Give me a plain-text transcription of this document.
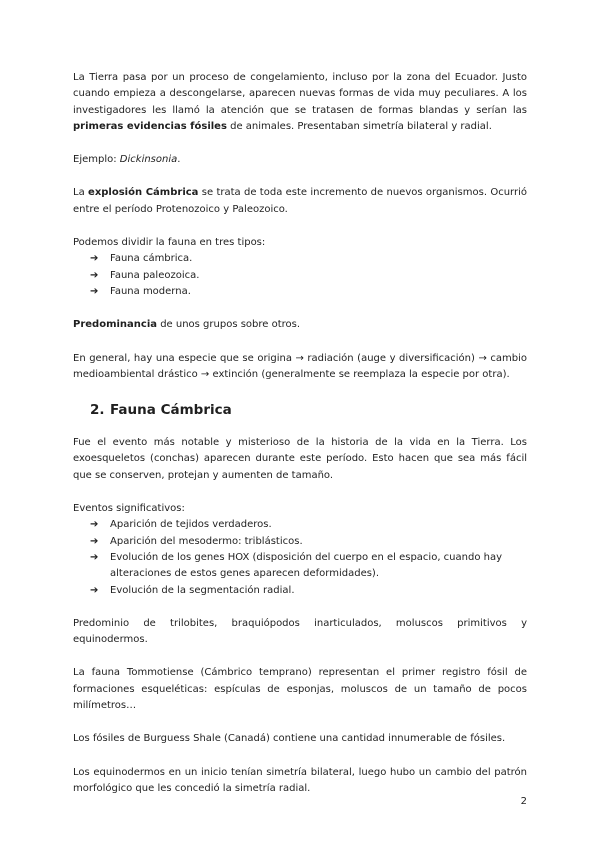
La Tierra pasa por un proceso de congelamiento, incluso por la zona del Ecuador. Justo cuando empieza a descongelarse, aparecen nuevas formas de vida muy peculiares. A los investigadores les llamó la atención que se tratasen de formas blandas y serían las primeras evidencias fósiles de animales. Presentaban simetría bilateral y radial.

Ejemplo: Dickinsonia.

La explosión Cámbrica se trata de toda este incremento de nuevos organismos. Ocurrió entre el período Protenozoico y Paleozoico.

Podemos dividir la fauna en tres tipos:

➔ Fauna cámbrica.
➔ Fauna paleozoica.
➔ Fauna moderna.

Predominancia de unos grupos sobre otros.

En general, hay una especie que se origina → radiación (auge y diversificación) → cambio medioambiental drástico → extinción (generalmente se reemplaza la especie por otra).

2. Fauna Cámbrica

Fue el evento más notable y misterioso de la historia de la vida en la Tierra. Los exoesqueletos (conchas) aparecen durante este período. Esto hacen que sea más fácil que se conserven, protejan y aumenten de tamaño.

Eventos significativos:

➔ Aparición de tejidos verdaderos.
➔ Aparición del mesodermo: triblásticos.
➔ Evolución de los genes HOX (disposición del cuerpo en el espacio, cuando hay alteraciones de estos genes aparecen deformidades).
➔ Evolución de la segmentación radial.

Predominio de trilobites, braquiópodos inarticulados, moluscos primitivos y equinodermos.

La fauna Tommotiense (Cámbrico temprano) representan el primer registro fósil de formaciones esqueléticas: espículas de esponjas, moluscos de un tamaño de pocos milímetros…

Los fósiles de Burguess Shale (Canadá) contiene una cantidad innumerable de fósiles.

Los equinodermos en un inicio tenían simetría bilateral, luego hubo un cambio del patrón morfológico que les concedió la simetría radial.

2
